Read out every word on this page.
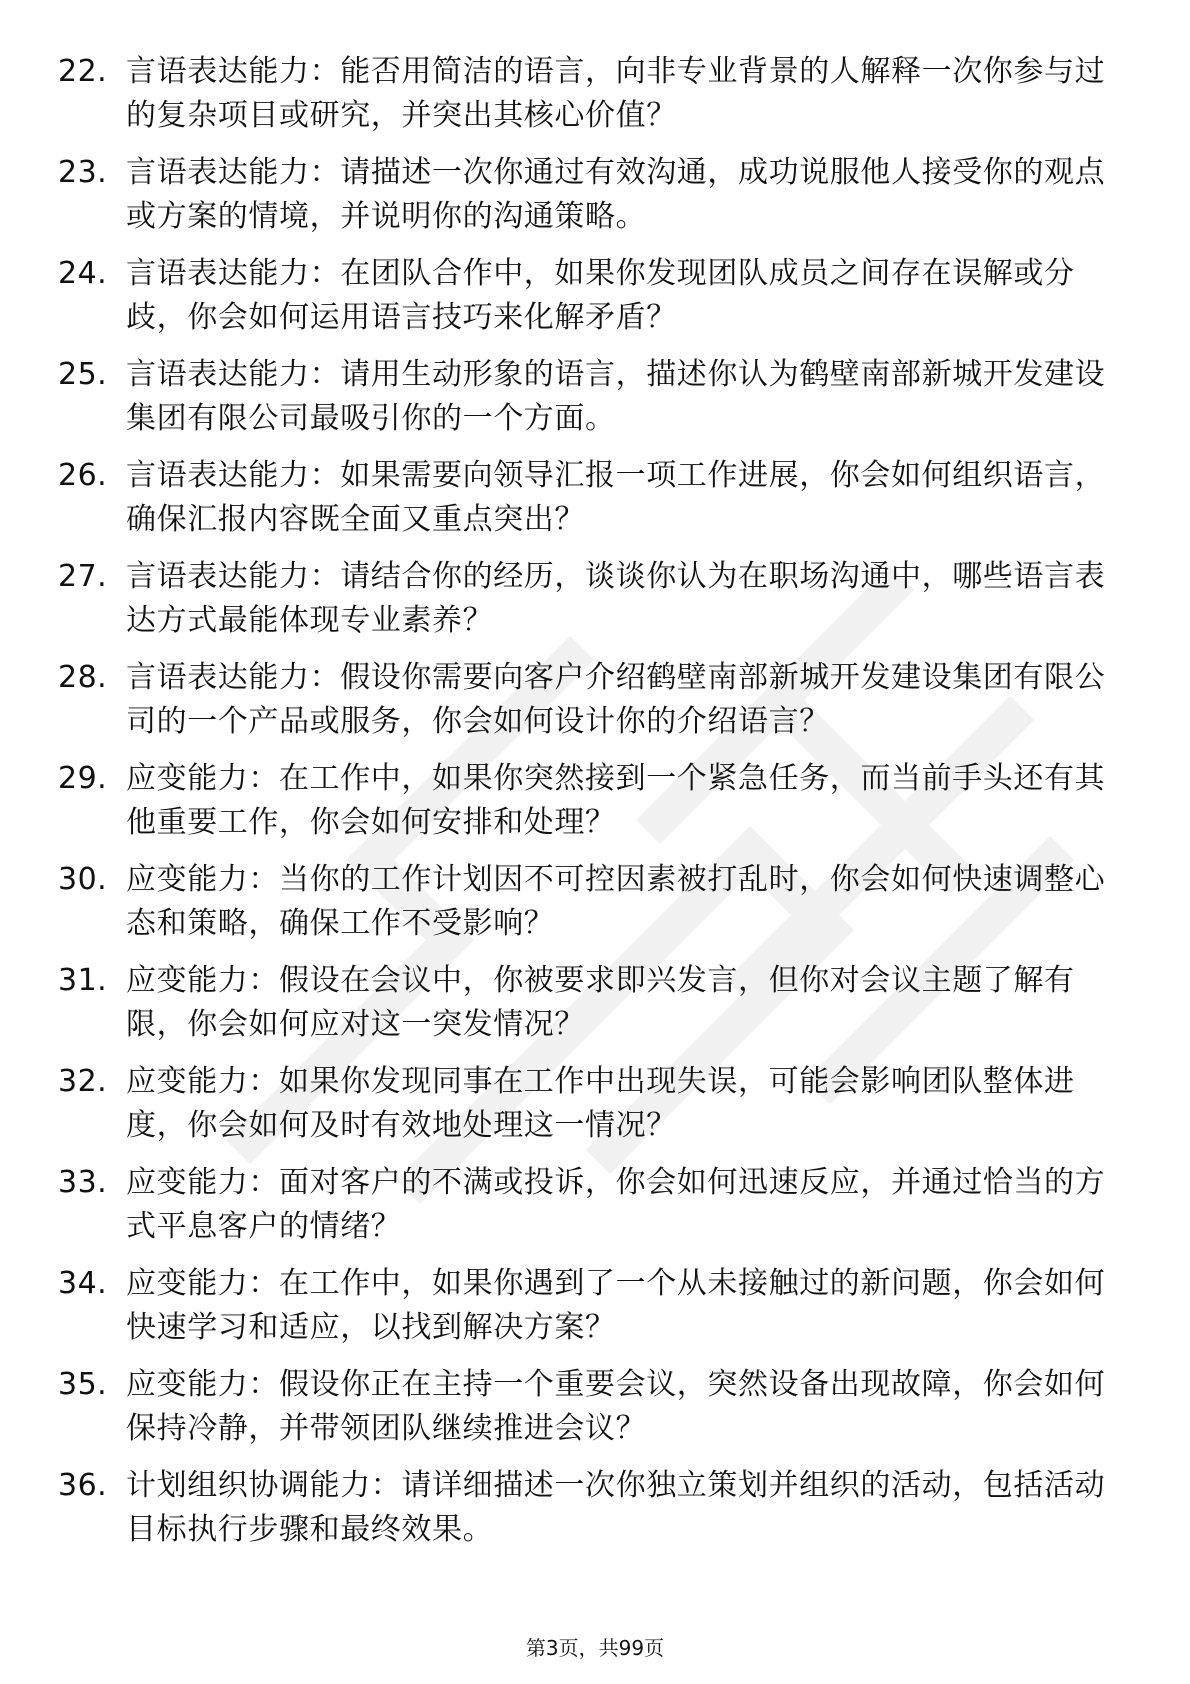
22. 言语表达能力：能否用简洁的语言，向非专业背景的人解释一次你参与过的复杂项目或研究，并突出其核心价值？
23. 言语表达能力：请描述一次你通过有效沟通，成功说服他人接受你的观点或方案的情境，并说明你的沟通策略。
24. 言语表达能力：在团队合作中，如果你发现团队成员之间存在误解或分歧，你会如何运用语言技巧来化解矛盾？
25. 言语表达能力：请用生动形象的语言，描述你认为鹤壁南部新城开发建设集团有限公司最吸引你的一个方面。
26. 言语表达能力：如果需要向领导汇报一项工作进展，你会如何组织语言，确保汇报内容既全面又重点突出？
27. 言语表达能力：请结合你的经历，谈谈你认为在职场沟通中，哪些语言表达方式最能体现专业素养？
28. 言语表达能力：假设你需要向客户介绍鹤壁南部新城开发建设集团有限公司的一个产品或服务，你会如何设计你的介绍语言？
29. 应变能力：在工作中，如果你突然接到一个紧急任务，而当前手头还有其他重要工作，你会如何安排和处理？
30. 应变能力：当你的工作计划因不可控因素被打乱时，你会如何快速调整心态和策略，确保工作不受影响？
31. 应变能力：假设在会议中，你被要求即兴发言，但你对会议主题了解有限，你会如何应对这一突发情况？
32. 应变能力：如果你发现同事在工作中出现失误，可能会影响团队整体进度，你会如何及时有效地处理这一情况？
33. 应变能力：面对客户的不满或投诉，你会如何迅速反应，并通过恰当的方式平息客户的情绪？
34. 应变能力：在工作中，如果你遇到了一个从未接触过的新问题，你会如何快速学习和适应，以找到解决方案？
35. 应变能力：假设你正在主持一个重要会议，突然设备出现故障，你会如何保持冷静，并带领团队继续推进会议？
36. 计划组织协调能力：请详细描述一次你独立策划并组织的活动，包括活动目标执行步骤和最终效果。
第3页，共99页
